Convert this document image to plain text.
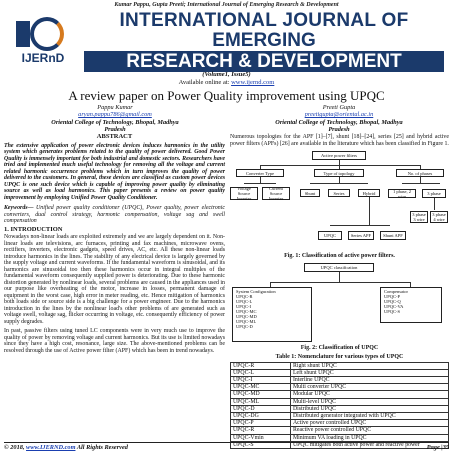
Kumar Pappu, Gupta Preeti; International Journal of Emerging Research & Development
IJERnD
INTERNATIONAL JOURNAL OF
EMERGING
RESEARCH & DEVELOPMENT
(Volume1, Issue5)
Available online at: www.ijernd.com
A review paper on Power Quality improvement using UPQC
Pappu Kumar
aryan.pappu786@gmail.com
Oriental College of Technology, Bhopal, Madhya
Pradesh
Preeti Gupta
preetigupta@oriental.ac.in
Oriental College of Technology, Bhopal, Madhya
Pradesh
ABSTRACT
The extensive application of power electronic devices induces harmonics in the utility system which generates problems related to the quality of power delivered. Good Power Quality is immensely important for both industrial and domestic sectors. Researchers have tried and implemented much useful technology for removing all the voltage and current related harmonic occurrence problems which in turn improves the quality of power delivered to the customers. In general, these devices are classified as custom power devices UPQC is one such device which is capable of improving power quality by eliminating source as well as load harmonics. This paper presents a review on power quality improvement by employing Unified Power Quality Conditioner.
Keywords— Unified power quality conditioner (UPQC), Power quality, power electronic converters, dual control strategy, harmonic compensation, voltage sag and swell compensation
1. INTRODUCTION
Nowadays non-linear loads are exploited extremely and we are largely dependent on it. Non-linear loads are televisions, arc furnaces, printing and fax machines, microwave ovens, rectifiers, inverters, electronic gadgets, speed drives, AC, etc. All these non-linear loads introduce harmonics in the lines. The stability of any electrical device is largely governed by the supply voltage and current waveforms. If the fundamental waveform is sinusoidal, and its harmonics are sinusoidal too then these harmonics occur in integral multiples of the fundamental waveform consequently supplied power is deteriorating. Due to these harmonic distortion generated by nonlinear loads, several problems are caused in the appliances used in our purpose like overheating of the motor, increase in losses, permanent damage of equipment in the worst case, high error in meter reading, etc. Hence mitigation of harmonics both loads side or source side is a big challenge for a power engineer. Due to the harmonics introduction in the lines by the nonlinear load's other problems of are generated such as voltage swell, voltage sag, flicker occurring in voltage, etc. consequently efficiency of power supply degrades.
In past, passive filters using tuned LC components were in very much use to improve the quality of power by removing voltage and current harmonics. But its use is limited nowadays since they have a high cost, resonance, large size. The above-mentioned problems can be resolved through the use of Active power filter (APF) which has been in trend nowadays.
Numerous topologies for the APF [1]–[7], shunt [18]–[24], series [25] and hybrid active power filters (APFs) [26] are available in the literature which has been classified in Figure 1.
Active power filters
Converter Type	Type of topology	No. of phases
Voltage Source Inverter
Current Source Inverter
Shunt	Series	Hybrid	1 phase, 2 wire	3 phase
UPQC	Series APF	Shunt APF
3 phase 3 wire
3 phase 4 wire
Fig. 1: Classification of active power filters.
UPQC classification
System Configuration
UPQC-R
UPQC-L
UPQC-I
UPQC-MC
UPQC-MD
UPQC-ML
UPQC-D
Compensator
UPQC-P
UPQC-Q
UPQC-VA
UPQC-S
Fig. 2: Classification of UPQC
Table 1: Nomenclature for various types of UPQC
UPQC-R	Right shunt UPQC
UPQC-L	Left shunt UPQC
UPQC-I	Interline UPQC
UPQC-MC	Multi converter UPQC
UPQC-MD	Modular UPQC
UPQC-ML	Multi-level UPQC
UPQC-D	Distributed UPQC
UPQC-DG	Distributed generator integrated with UPQC
UPQC-P	Active power controlled UPQC
UPQC-R	Reactive power controlled UPQC
UPQC-Vmin	Minimum VA loading in UPQC
UPQC-S	UPQC mitigates both active power and reactive power
© 2018, www.IJERND.com All Rights Reserved	Page |35
